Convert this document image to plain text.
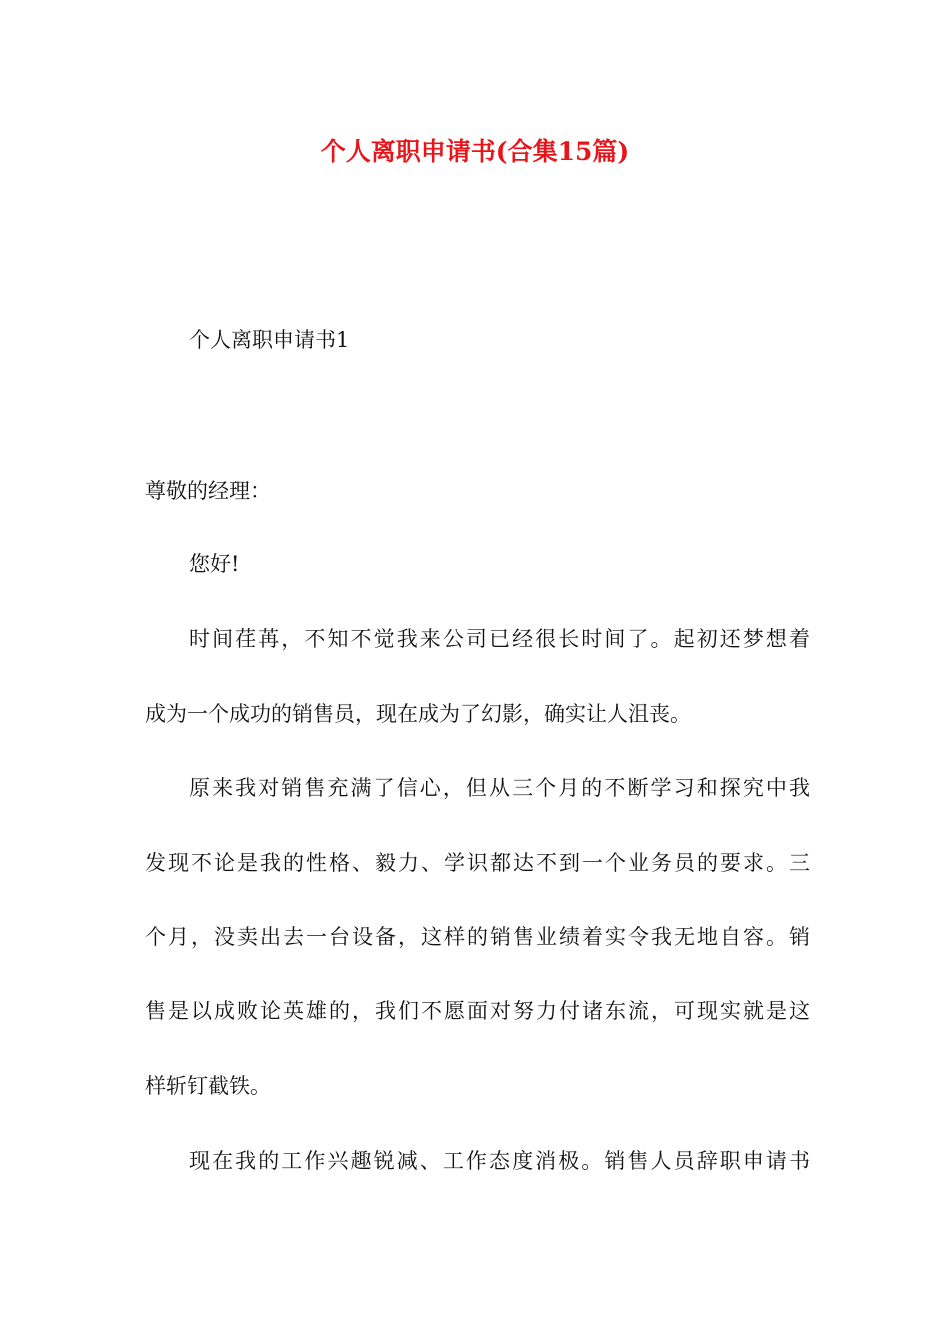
个人离职申请书(合集15篇)

个人离职申请书1

尊敬的经理：

您好!

时间荏苒，不知不觉我来公司已经很长时间了。起初还梦想着

成为一个成功的销售员，现在成为了幻影，确实让人沮丧。

原来我对销售充满了信心，但从三个月的不断学习和探究中我

发现不论是我的性格、毅力、学识都达不到一个业务员的要求。三

个月，没卖出去一台设备，这样的销售业绩着实令我无地自容。销

售是以成败论英雄的，我们不愿面对努力付诸东流，可现实就是这

样斩钉截铁。

现在我的工作兴趣锐减、工作态度消极。销售人员辞职申请书
